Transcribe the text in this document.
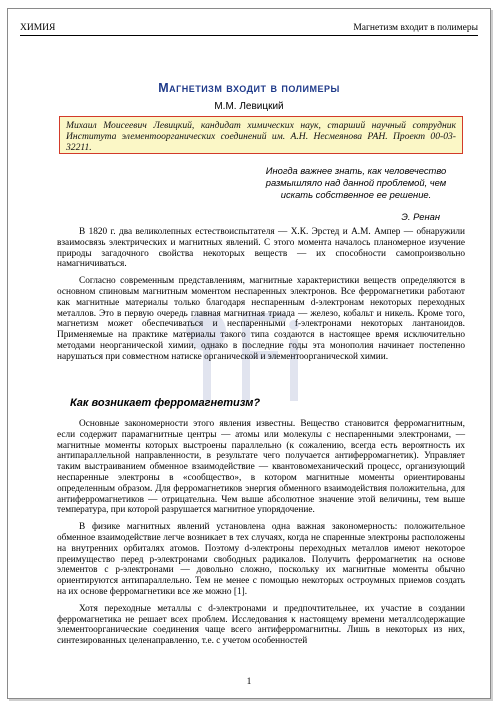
ХИМИЯ	Магнетизм входит в полимеры
Магнетизм входит в полимеры
М.М. Левицкий
Михаил Моисеевич Левицкий, кандидат химических наук, старший научный сотрудник Института элементоорганических соединений им. А.Н. Несмеянова РАН. Проект 00-03-32211.
Иногда важнее знать, как человечество размышляло над данной проблемой, чем искать собственное ее решение.
Э. Ренан

В 1820 г. два великолепных естествоиспытателя — Х.К. Эрстед и А.М. Ампер — обнаружили взаимосвязь электрических и магнитных явлений. С этого момента началось планомерное изучение природы загадочного свойства некоторых веществ — их способности самопроизвольно намагничиваться.

Согласно современным представлениям, магнитные характеристики веществ определяются в основном спиновым магнитным моментом неспаренных электронов. Все ферромагнетики работают как магнитные материалы только благодаря неспаренным d-электронам некоторых переходных металлов. Это в первую очередь главная магнитная триада — железо, кобальт и никель. Кроме того, магнетизм может обеспечиваться и неспаренными f-электронами некоторых лантаноидов. Применяемые на практике материалы такого типа создаются в настоящее время исключительно методами неорганической химии, однако в последние годы эта монополия начинает постепенно нарушаться при совместном натиске органической и элементоорганической химии.

Как возникает ферромагнетизм?

Основные закономерности этого явления известны. Вещество становится ферромагнитным, если содержит парамагнитные центры — атомы или молекулы с неспаренными электронами, — магнитные моменты которых выстроены параллельно (к сожалению, всегда есть вероятность их антипараллельной направленности, в результате чего получается антиферромагнетик). Управляет таким выстраиванием обменное взаимодействие — квантовомеханический процесс, организующий неспаренные электроны в «сообщество», в котором магнитные моменты ориентированы определенным образом. Для ферромагнетиков энергия обменного взаимодействия положительна, для антиферромагнетиков — отрицательна. Чем выше абсолютное значение этой величины, тем выше температура, при которой разрушается магнитное упорядочение.

В физике магнитных явлений установлена одна важная закономерность: положительное обменное взаимодействие легче возникает в тех случаях, когда не спаренные электроны расположены на внутренних орбиталях атомов. Поэтому d-электроны переходных металлов имеют некоторое преимущество перед p-электронами свободных радикалов. Получить ферромагнетик на основе элементов с p-электронами — довольно сложно, поскольку их магнитные моменты обычно ориентируются антипараллельно. Тем не менее с помощью некоторых остроумных приемов создать на их основе ферромагнетики все же можно [1].

Хотя переходные металлы с d-электронами и предпочтительнее, их участие в создании ферромагнетика не решает всех проблем. Исследования к настоящему времени металлсодержащие элементоорганические соединения чаще всего антиферромагнитны. Лишь в некоторых из них, синтезированных целенаправленно, т.е. с учетом особенностей

1
